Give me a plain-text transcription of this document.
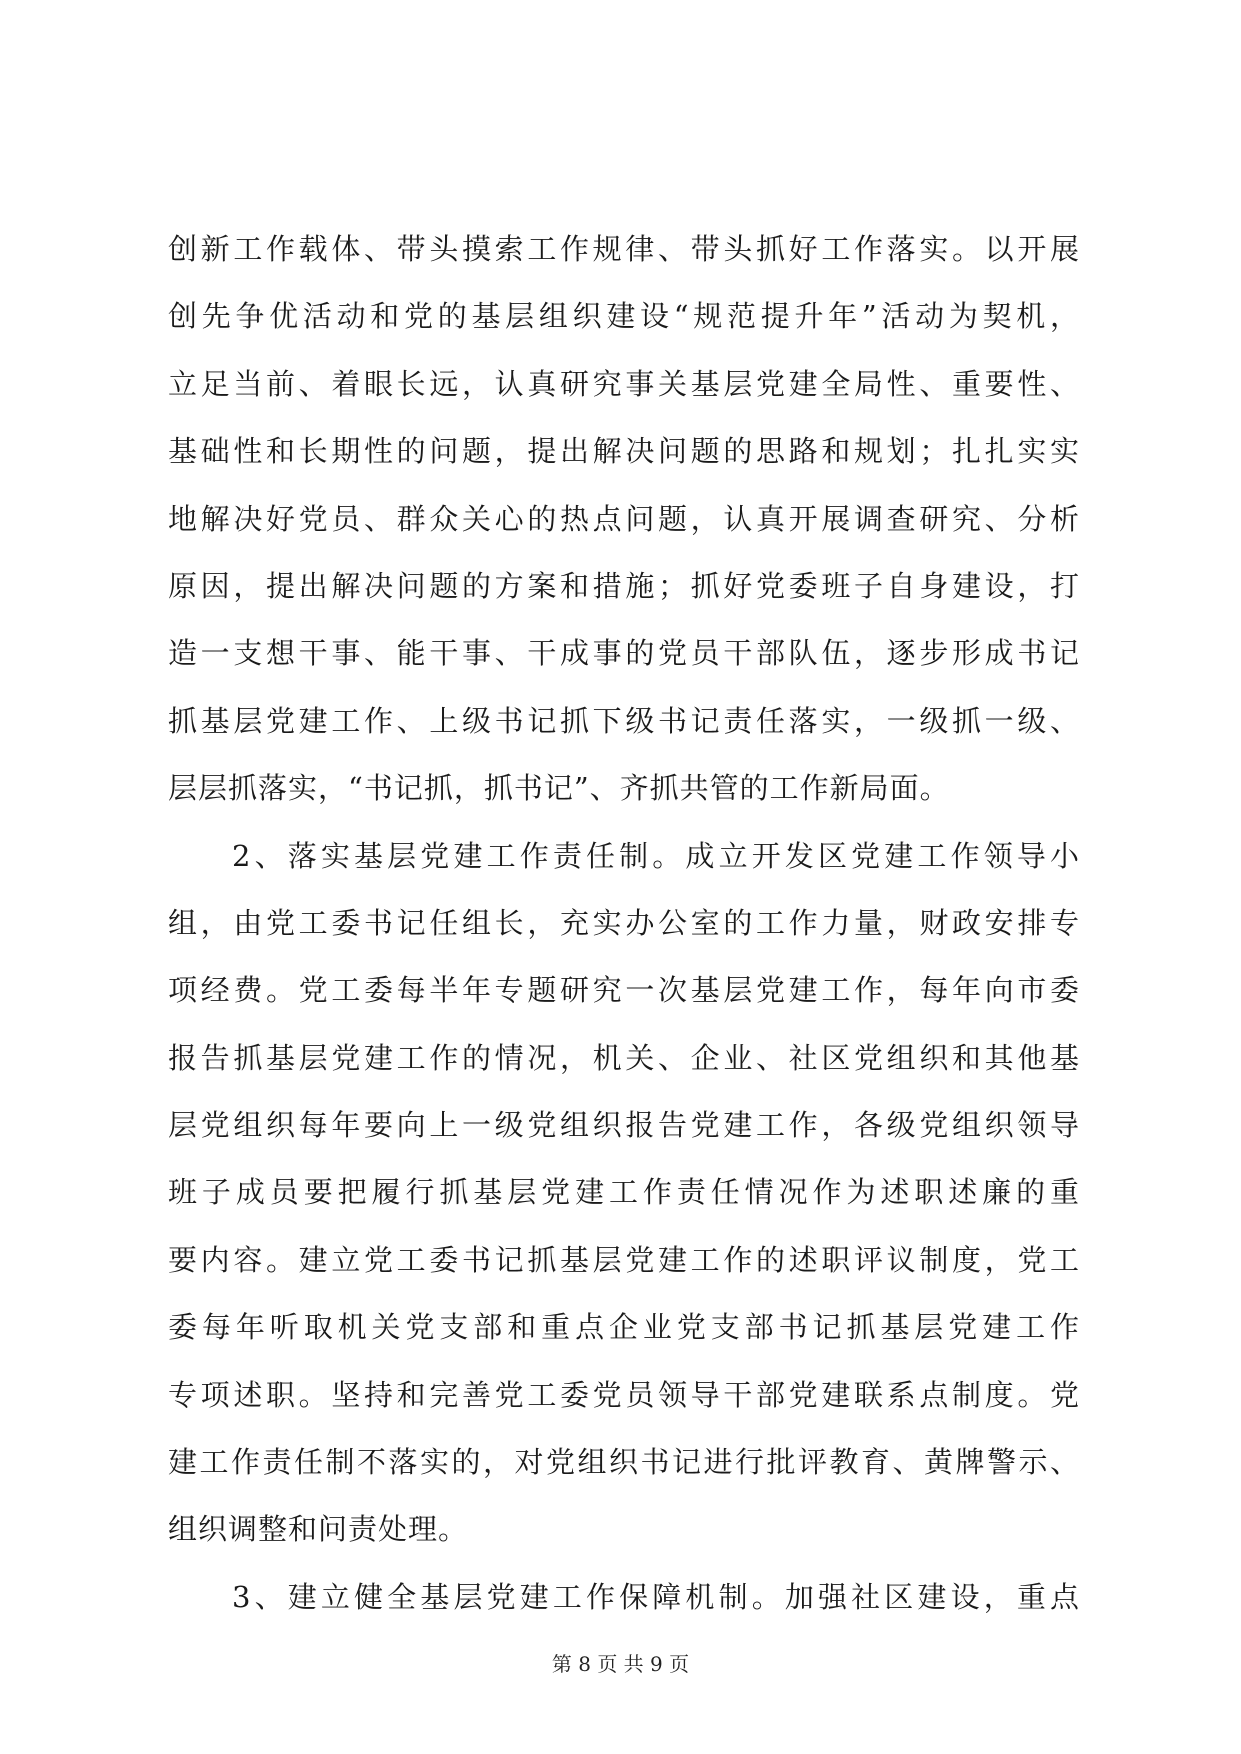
创新工作载体、带头摸索工作规律、带头抓好工作落实。以开展
创先争优活动和党的基层组织建设“规范提升年”活动为契机，
立足当前、着眼长远，认真研究事关基层党建全局性、重要性、
基础性和长期性的问题，提出解决问题的思路和规划；扎扎实实
地解决好党员、群众关心的热点问题，认真开展调查研究、分析
原因，提出解决问题的方案和措施；抓好党委班子自身建设，打
造一支想干事、能干事、干成事的党员干部队伍，逐步形成书记
抓基层党建工作、上级书记抓下级书记责任落实，一级抓一级、
层层抓落实，“书记抓，抓书记”、齐抓共管的工作新局面。
2、落实基层党建工作责任制。成立开发区党建工作领导小
组，由党工委书记任组长，充实办公室的工作力量，财政安排专
项经费。党工委每半年专题研究一次基层党建工作，每年向市委
报告抓基层党建工作的情况，机关、企业、社区党组织和其他基
层党组织每年要向上一级党组织报告党建工作，各级党组织领导
班子成员要把履行抓基层党建工作责任情况作为述职述廉的重
要内容。建立党工委书记抓基层党建工作的述职评议制度，党工
委每年听取机关党支部和重点企业党支部书记抓基层党建工作
专项述职。坚持和完善党工委党员领导干部党建联系点制度。党
建工作责任制不落实的，对党组织书记进行批评教育、黄牌警示、
组织调整和问责处理。
3、建立健全基层党建工作保障机制。加强社区建设，重点
第 8 页 共 9 页
